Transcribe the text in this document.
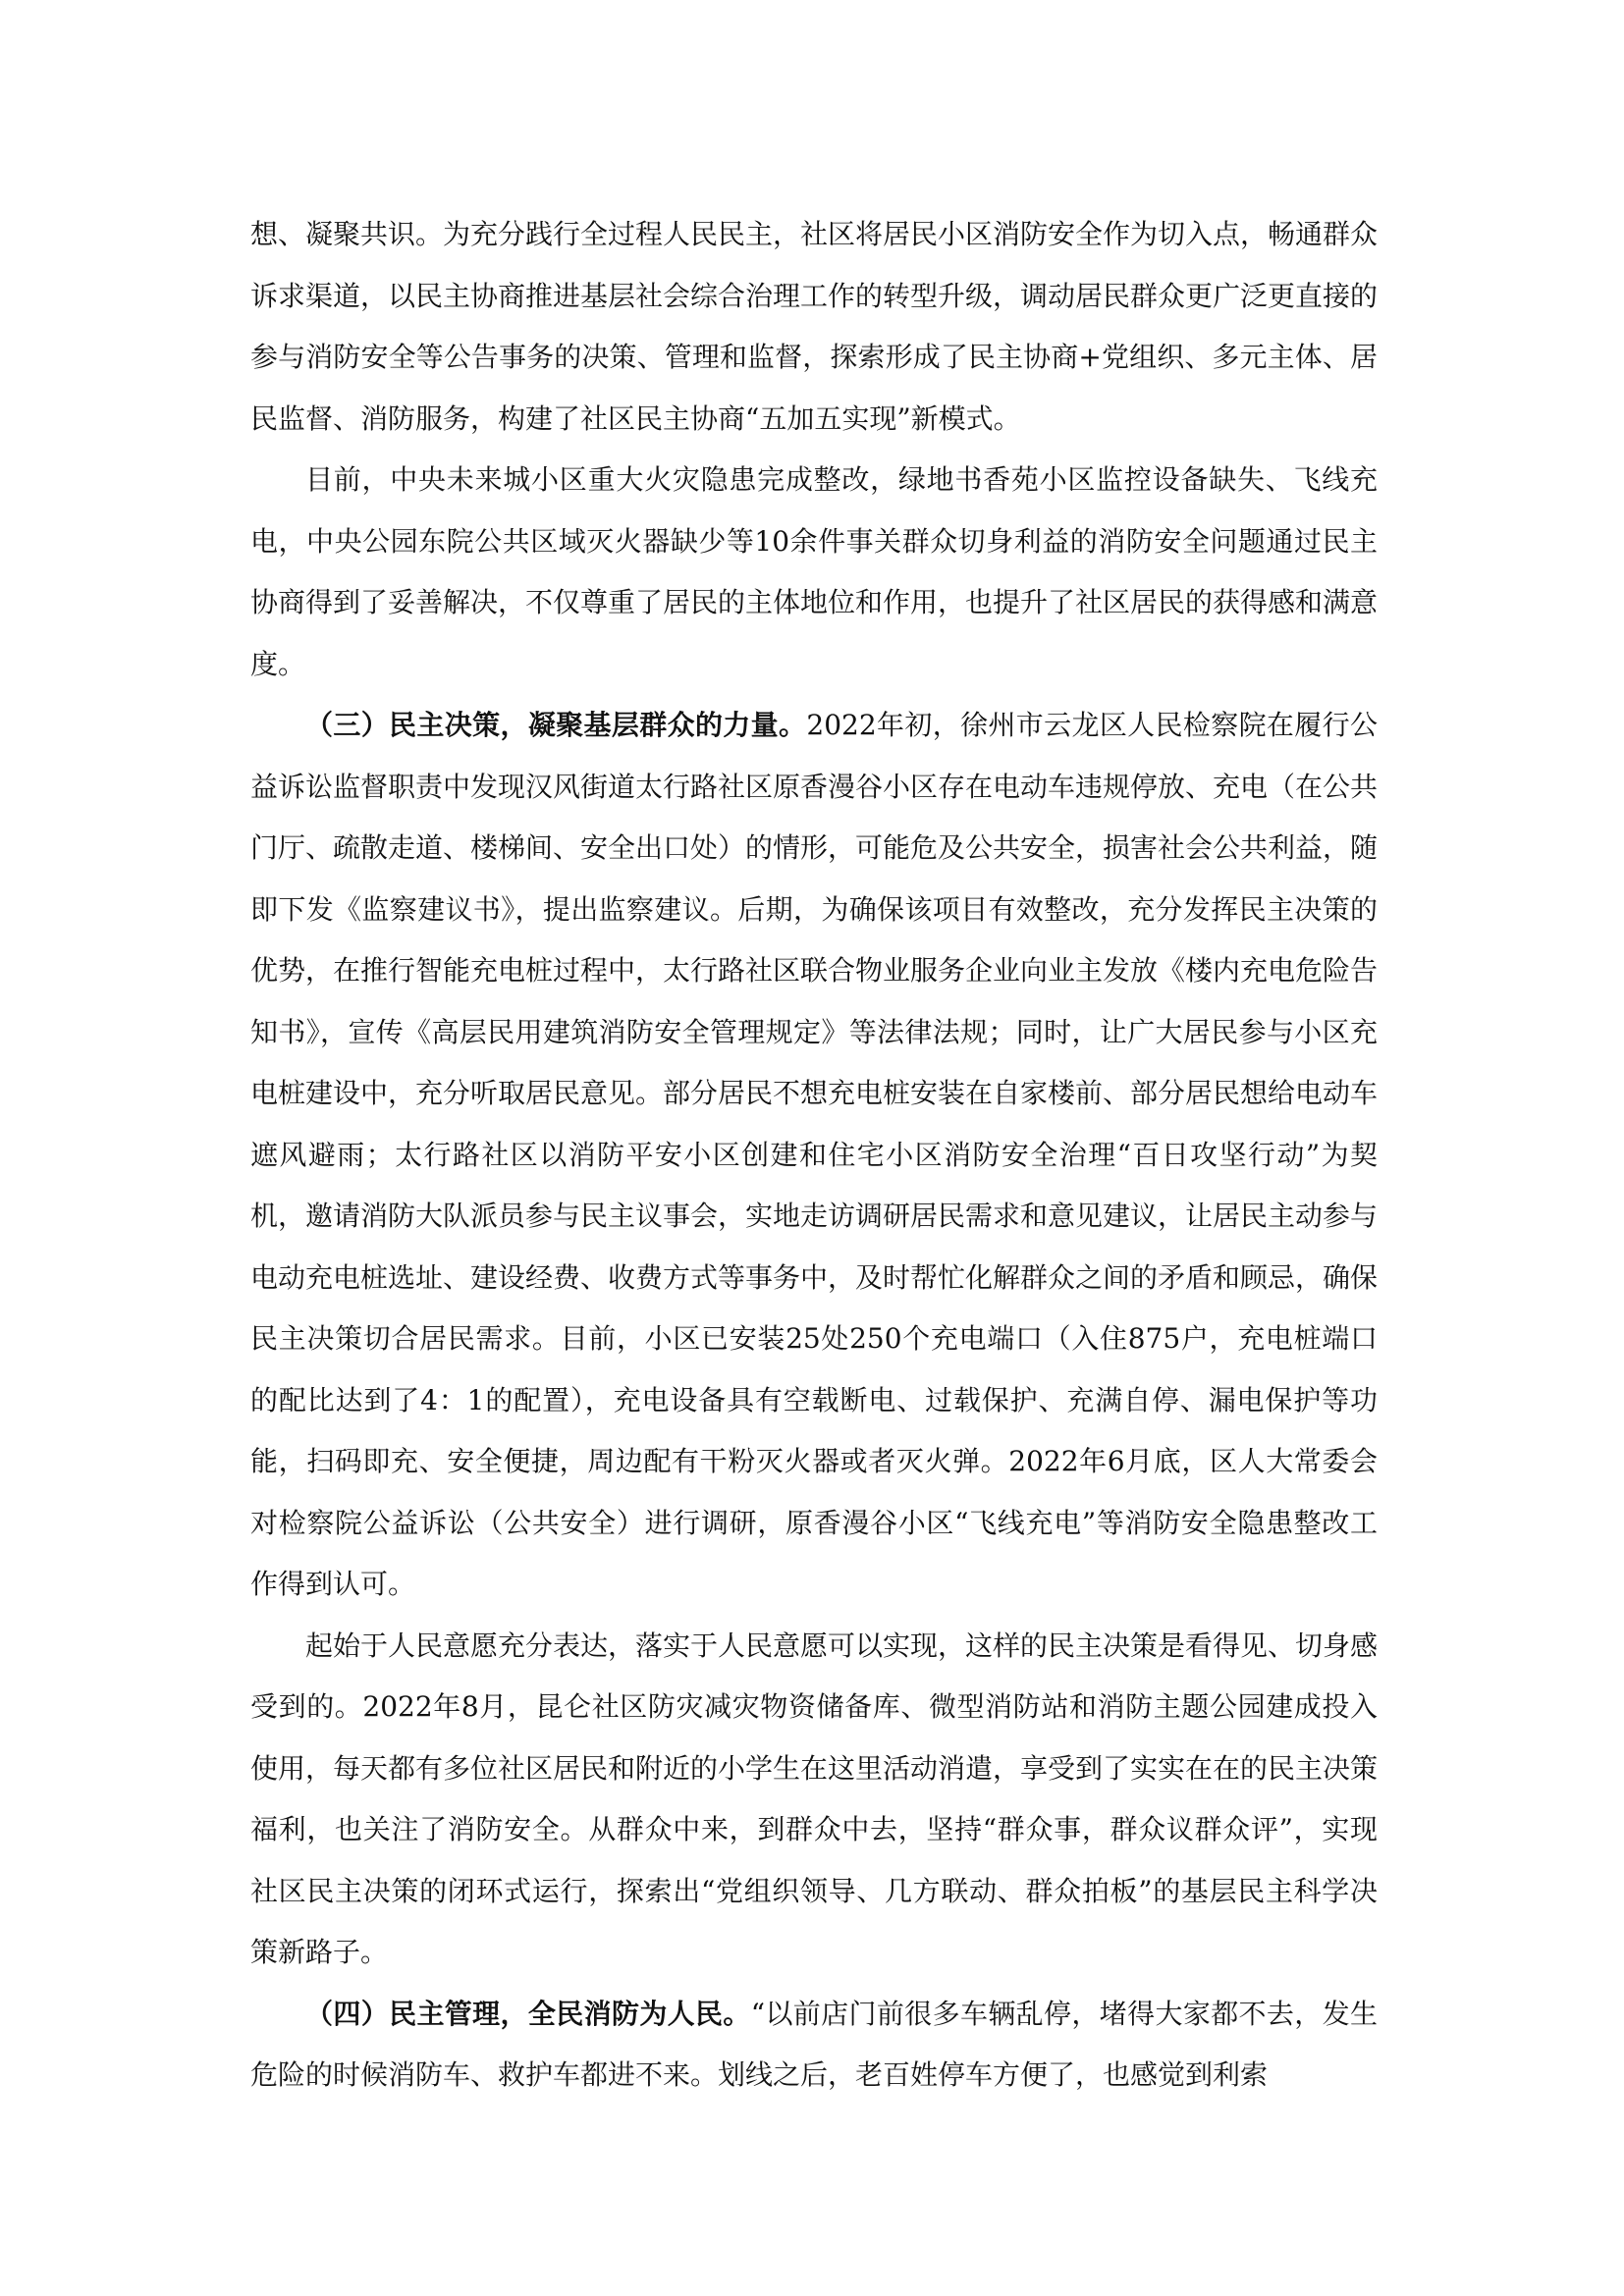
想、凝聚共识。为充分践行全过程人民民主，社区将居民小区消防安全作为切入点，畅通群众诉求渠道，以民主协商推进基层社会综合治理工作的转型升级，调动居民群众更广泛更直接的参与消防安全等公告事务的决策、管理和监督，探索形成了民主协商+党组织、多元主体、居民监督、消防服务，构建了社区民主协商“五加五实现”新模式。

目前，中央未来城小区重大火灾隐患完成整改，绿地书香苑小区监控设备缺失、飞线充电，中央公园东院公共区域灭火器缺少等10余件事关群众切身利益的消防安全问题通过民主协商得到了妥善解决，不仅尊重了居民的主体地位和作用，也提升了社区居民的获得感和满意度。

（三）民主决策，凝聚基层群众的力量。2022年初，徐州市云龙区人民检察院在履行公益诉讼监督职责中发现汉风街道太行路社区原香漫谷小区存在电动车违规停放、充电（在公共门厅、疏散走道、楼梯间、安全出口处）的情形，可能危及公共安全，损害社会公共利益，随即下发《监察建议书》，提出监察建议。后期，为确保该项目有效整改，充分发挥民主决策的优势，在推行智能充电桩过程中，太行路社区联合物业服务企业向业主发放《楼内充电危险告知书》，宣传《高层民用建筑消防安全管理规定》等法律法规；同时，让广大居民参与小区充电桩建设中，充分听取居民意见。部分居民不想充电桩安装在自家楼前、部分居民想给电动车遮风避雨；太行路社区以消防平安小区创建和住宅小区消防安全治理“百日攻坚行动”为契机，邀请消防大队派员参与民主议事会，实地走访调研居民需求和意见建议，让居民主动参与电动充电桩选址、建设经费、收费方式等事务中，及时帮忙化解群众之间的矛盾和顾忌，确保民主决策切合居民需求。目前，小区已安装25处250个充电端口（入住875户，充电桩端口的配比达到了4：1的配置），充电设备具有空载断电、过载保护、充满自停、漏电保护等功能，扫码即充、安全便捷，周边配有干粉灭火器或者灭火弹。2022年6月底，区人大常委会对检察院公益诉讼（公共安全）进行调研，原香漫谷小区“飞线充电”等消防安全隐患整改工作得到认可。

起始于人民意愿充分表达，落实于人民意愿可以实现，这样的民主决策是看得见、切身感受到的。2022年8月，昆仑社区防灾减灾物资储备库、微型消防站和消防主题公园建成投入使用，每天都有多位社区居民和附近的小学生在这里活动消遣，享受到了实实在在的民主决策福利，也关注了消防安全。从群众中来，到群众中去，坚持“群众事，群众议群众评”，实现社区民主决策的闭环式运行，探索出“党组织领导、几方联动、群众拍板”的基层民主科学决策新路子。

（四）民主管理，全民消防为人民。“以前店门前很多车辆乱停，堵得大家都不去，发生危险的时候消防车、救护车都进不来。划线之后，老百姓停车方便了，也感觉到利索
